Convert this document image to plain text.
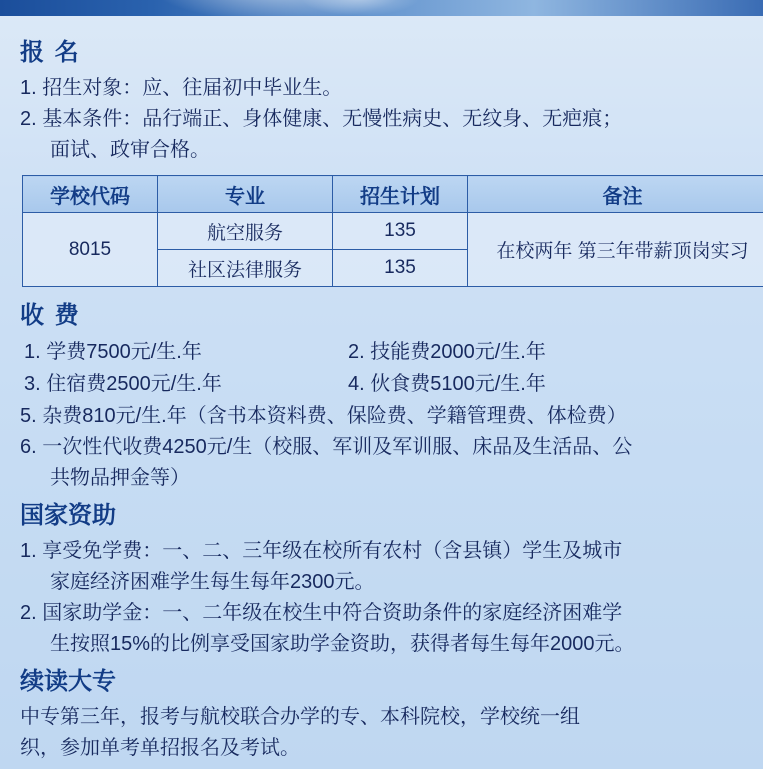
报 名
1. 招生对象：应、往届初中毕业生。
2. 基本条件：品行端正、身体健康、无慢性病史、无纹身、无疤痕；
面试、政审合格。
学校代码	专业	招生计划	备注
8015	航空服务	135	在校两年 第三年带薪顶岗实习
	社区法律服务	135	
收 费
1. 学费7500元/生.年	2. 技能费2000元/生.年
3. 住宿费2500元/生.年	4. 伙食费5100元/生.年
5. 杂费810元/生.年（含书本资料费、保险费、学籍管理费、体检费）
6. 一次性代收费4250元/生（校服、军训及军训服、床品及生活品、公
共物品押金等）
国家资助
1. 享受免学费：一、二、三年级在校所有农村（含县镇）学生及城市
家庭经济困难学生每生每年2300元。
2. 国家助学金：一、二年级在校生中符合资助条件的家庭经济困难学
生按照15%的比例享受国家助学金资助，获得者每生每年2000元。
续读大专
中专第三年，报考与航校联合办学的专、本科院校，学校统一组
织，参加单考单招报名及考试。
